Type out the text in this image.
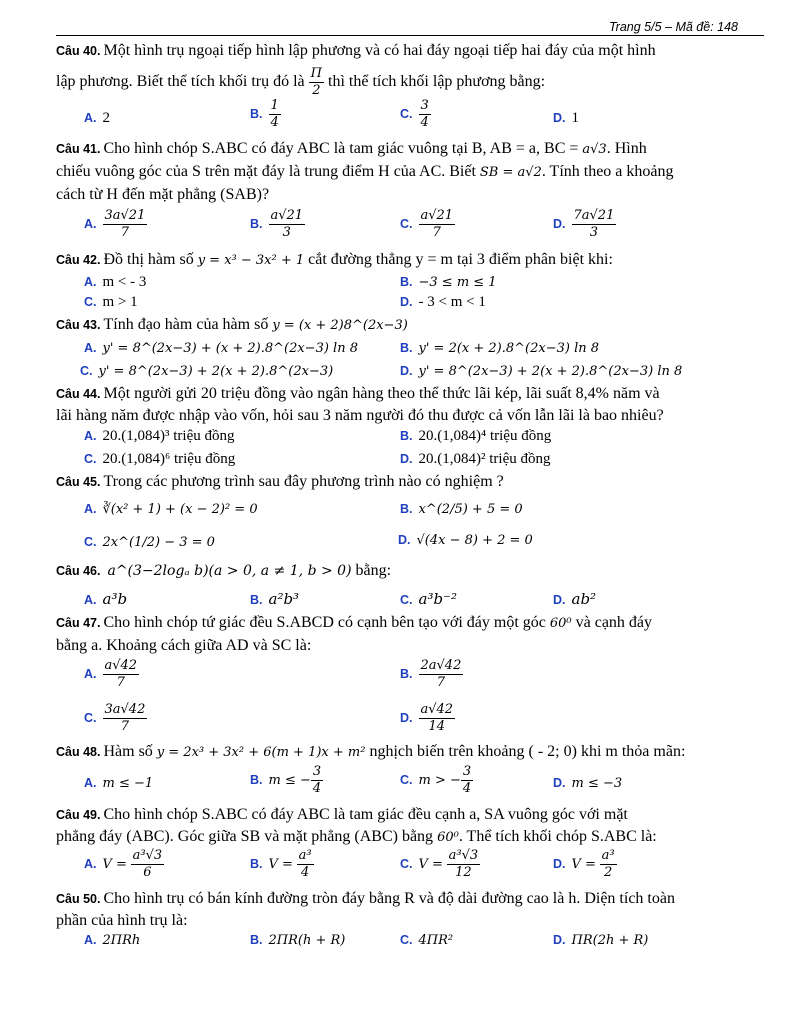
Trang 5/5 – Mã đề: 148
Câu 40. Một hình trụ ngoại tiếp hình lập phương và có hai đáy ngoại tiếp hai đáy của một hình
lập phương. Biết thể tích khối trụ đó là $\frac{\Pi}{2}$ thì thể tích khối lập phương bằng:
A. 2	B. $\frac{1}{4}$	C. $\frac{3}{4}$	D. 1
Câu 41. Cho hình chóp S.ABC có đáy ABC là tam giác vuông tại B, AB = a, BC = a√3. Hình
chiếu vuông góc của S trên mặt đáy là trung điểm H của AC. Biết SB = a√2. Tính theo a khoảng
cách từ H đến mặt phẳng (SAB)?
A. $\frac{3a√21}{7}$	B. $\frac{a√21}{3}$	C. $\frac{a√21}{7}$	D. $\frac{7a√21}{3}$
Câu 42. Đồ thị hàm số y = x³ − 3x² + 1 cắt đường thẳng y = m tại 3 điểm phân biệt khi:
A. m < - 3	B. −3 ≤ m ≤ 1
C. m > 1	D. - 3 < m < 1
Câu 43. Tính đạo hàm của hàm số y = (x + 2)8^(2x−3)
A. y' = 8^(2x−3) + (x + 2).8^(2x−3) ln 8	B. y' = 2(x + 2).8^(2x−3) ln 8
C. y' = 8^(2x−3) + 2(x + 2).8^(2x−3)	D. y' = 8^(2x−3) + 2(x + 2).8^(2x−3) ln 8
Câu 44. Một người gửi 20 triệu đồng vào ngân hàng theo thể thức lãi kép, lãi suất 8,4% năm và
lãi hàng năm được nhập vào vốn, hỏi sau 3 năm người đó thu được cả vốn lẫn lãi là bao nhiêu?
A. 20.(1,084)³ triệu đồng	B. 20.(1,084)⁴ triệu đồng
C. 20.(1,084)⁶ triệu đồng	D. 20.(1,084)² triệu đồng
Câu 45. Trong các phương trình sau đây phương trình nào có nghiệm ?
A. ∛(x² + 1) + (x − 2)² = 0	B. x^(2/5) + 5 = 0
C. 2x^(1/2) − 3 = 0	D. √(4x − 8) + 2 = 0
Câu 46. a^(3−2logₐ b)(a > 0, a ≠ 1, b > 0) bằng:
A. a³b	B. a²b³	C. a³b⁻²	D. ab²
Câu 47. Cho hình chóp tứ giác đều S.ABCD có cạnh bên tạo với đáy một góc 60⁰ và cạnh đáy
bằng a. Khoảng cách giữa AD và SC là:
A. $\frac{a√42}{7}$	B. $\frac{2a√42}{7}$
C. $\frac{3a√42}{7}$	D. $\frac{a√42}{14}$
Câu 48. Hàm số y = 2x³ + 3x² + 6(m + 1)x + m² nghịch biến trên khoảng ( - 2; 0) khi m thỏa mãn:
A. m ≤ −1	B. m ≤ − $\frac{3}{4}$	C. m > − $\frac{3}{4}$	D. m ≤ −3
Câu 49. Cho hình chóp S.ABC có đáy ABC là tam giác đều cạnh a, SA vuông góc với mặt
phẳng đáy (ABC). Góc giữa SB và mặt phẳng (ABC) bằng 60⁰. Thể tích khối chóp S.ABC là:
A. $V = \frac{\text{a³√3}}{6}$	B. $V = \frac{\text{a³}}{4}$	C. $V = \frac{\text{a³√3}}{12}$	D. $V = \frac{\text{a³}}{2}$
Câu 50. Cho hình trụ có bán kính đường tròn đáy bằng R và độ dài đường cao là h. Diện tích toàn
phần của hình trụ là:
A. 2ΠRh	B. 2ΠR(h + R)	C. 4ΠR²	D. ΠR(2h + R)
